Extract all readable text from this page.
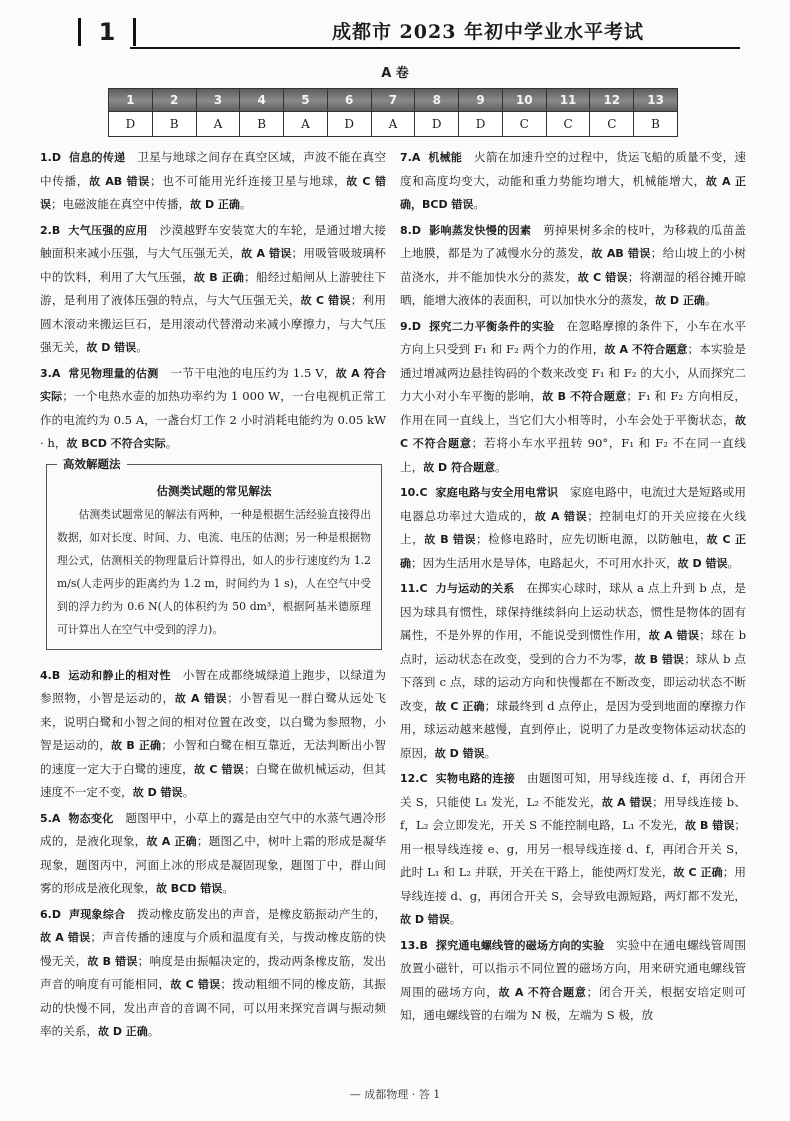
1	成都市 2023 年初中学业水平考试
A 卷
1	2	3	4	5	6	7	8	9	10	11	12	13
D	B	A	B	A	D	A	D	D	C	C	C	B
1.D  信息的传递  卫星与地球之间存在真空区域，声波不能在真空中传播，故 AB 错误；也不可能用光纤连接卫星与地球，故 C 错误；电磁波能在真空中传播，故 D 正确。
2.B  大气压强的应用  沙漠越野车安装宽大的车轮，是通过增大接触面积来减小压强，与大气压强无关，故 A 错误；用吸管吸玻璃杯中的饮料，利用了大气压强，故 B 正确；船经过船闸从上游驶往下游，是利用了液体压强的特点，与大气压强无关，故 C 错误；利用圆木滚动来搬运巨石，是用滚动代替滑动来减小摩擦力，与大气压强无关，故 D 错误。
3.A  常见物理量的估测  一节干电池的电压约为 1.5 V，故 A 符合实际；一个电热水壶的加热功率约为 1 000 W，一台电视机正常工作的电流约为 0.5 A，一盏台灯工作 2 小时消耗电能约为 0.05 kW · h，故 BCD 不符合实际。
高效解题法
估测类试题的常见解法

估测类试题常见的解法有两种，一种是根据生活经验直接得出数据，如对长度、时间、力、电流、电压的估测；另一种是根据物理公式，估测相关的物理量后计算得出，如人的步行速度约为 1.2 m/s(人走两步的距离约为 1.2 m，时间约为 1 s)，人在空气中受到的浮力约为 0.6 N(人的体积约为 50 dm³，根据阿基米德原理可计算出人在空气中受到的浮力)。

4.B  运动和静止的相对性  小智在成都绕城绿道上跑步，以绿道为参照物，小智是运动的，故 A 错误；小智看见一群白鹭从远处飞来，说明白鹭和小智之间的相对位置在改变，以白鹭为参照物，小智是运动的，故 B 正确；小智和白鹭在相互靠近，无法判断出小智的速度一定大于白鹭的速度，故 C 错误；白鹭在做机械运动，但其速度不一定不变，故 D 错误。
5.A  物态变化  题图甲中，小草上的露是由空气中的水蒸气遇冷形成的，是液化现象，故 A 正确；题图乙中，树叶上霜的形成是凝华现象，题图丙中，河面上冰的形成是凝固现象，题图丁中，群山间雾的形成是液化现象，故 BCD 错误。
6.D  声现象综合  拨动橡皮筋发出的声音，是橡皮筋振动产生的，故 A 错误；声音传播的速度与介质和温度有关，与拨动橡皮筋的快慢无关，故 B 错误；响度是由振幅决定的，拨动两条橡皮筋，发出声音的响度有可能相同，故 C 错误；拨动粗细不同的橡皮筋，其振动的快慢不同，发出声音的音调不同，可以用来探究音调与振动频率的关系，故 D 正确。
7.A  机械能  火箭在加速升空的过程中，货运飞船的质量不变，速度和高度均变大，动能和重力势能均增大，机械能增大，故 A 正确，BCD 错误。
8.D  影响蒸发快慢的因素  剪掉果树多余的枝叶，为移栽的瓜苗盖上地膜，都是为了减慢水分的蒸发，故 AB 错误；给山坡上的小树苗浇水，并不能加快水分的蒸发，故 C 错误；将潮湿的稻谷摊开晾晒，能增大液体的表面积，可以加快水分的蒸发，故 D 正确。
9.D  探究二力平衡条件的实验  在忽略摩擦的条件下，小车在水平方向上只受到 F₁ 和 F₂ 两个力的作用，故 A 不符合题意；本实验是通过增减两边悬挂钩码的个数来改变 F₁ 和 F₂ 的大小，从而探究二力大小对小车平衡的影响，故 B 不符合题意；F₁ 和 F₂ 方向相反，作用在同一直线上，当它们大小相等时，小车会处于平衡状态，故 C 不符合题意；若将小车水平扭转 90°，F₁ 和 F₂ 不在同一直线上，故 D 符合题意。
10.C  家庭电路与安全用电常识  家庭电路中，电流过大是短路或用电器总功率过大造成的，故 A 错误；控制电灯的开关应接在火线上，故 B 错误；检修电路时，应先切断电源，以防触电，故 C 正确；因为生活用水是导体，电路起火，不可用水扑灭，故 D 错误。
11.C  力与运动的关系  在掷实心球时，球从 a 点上升到 b 点，是因为球具有惯性，球保持继续斜向上运动状态，惯性是物体的固有属性，不是外界的作用，不能说受到惯性作用，故 A 错误；球在 b 点时，运动状态在改变，受到的合力不为零，故 B 错误；球从 b 点下落到 c 点，球的运动方向和快慢都在不断改变，即运动状态不断改变，故 C 正确；球最终到 d 点停止，是因为受到地面的摩擦力作用，球运动越来越慢，直到停止，说明了力是改变物体运动状态的原因，故 D 错误。
12.C  实物电路的连接  由题图可知，用导线连接 d、f，再闭合开关 S，只能使 L₁ 发光，L₂ 不能发光，故 A 错误；用导线连接 b、f，L₂ 会立即发光，开关 S 不能控制电路，L₁ 不发光，故 B 错误；用一根导线连接 e、g，用另一根导线连接 d、f，再闭合开关 S，此时 L₁ 和 L₂ 并联，开关在干路上，能使两灯发光，故 C 正确；用导线连接 d、g，再闭合开关 S，会导致电源短路，两灯都不发光，故 D 错误。
13.B  探究通电螺线管的磁场方向的实验  实验中在通电螺线管周围放置小磁针，可以指示不同位置的磁场方向，用来研究通电螺线管周围的磁场方向，故 A 不符合题意；闭合开关，根据安培定则可知，通电螺线管的右端为 N 极，左端为 S 极，放
— 成都物理 · 答 1
